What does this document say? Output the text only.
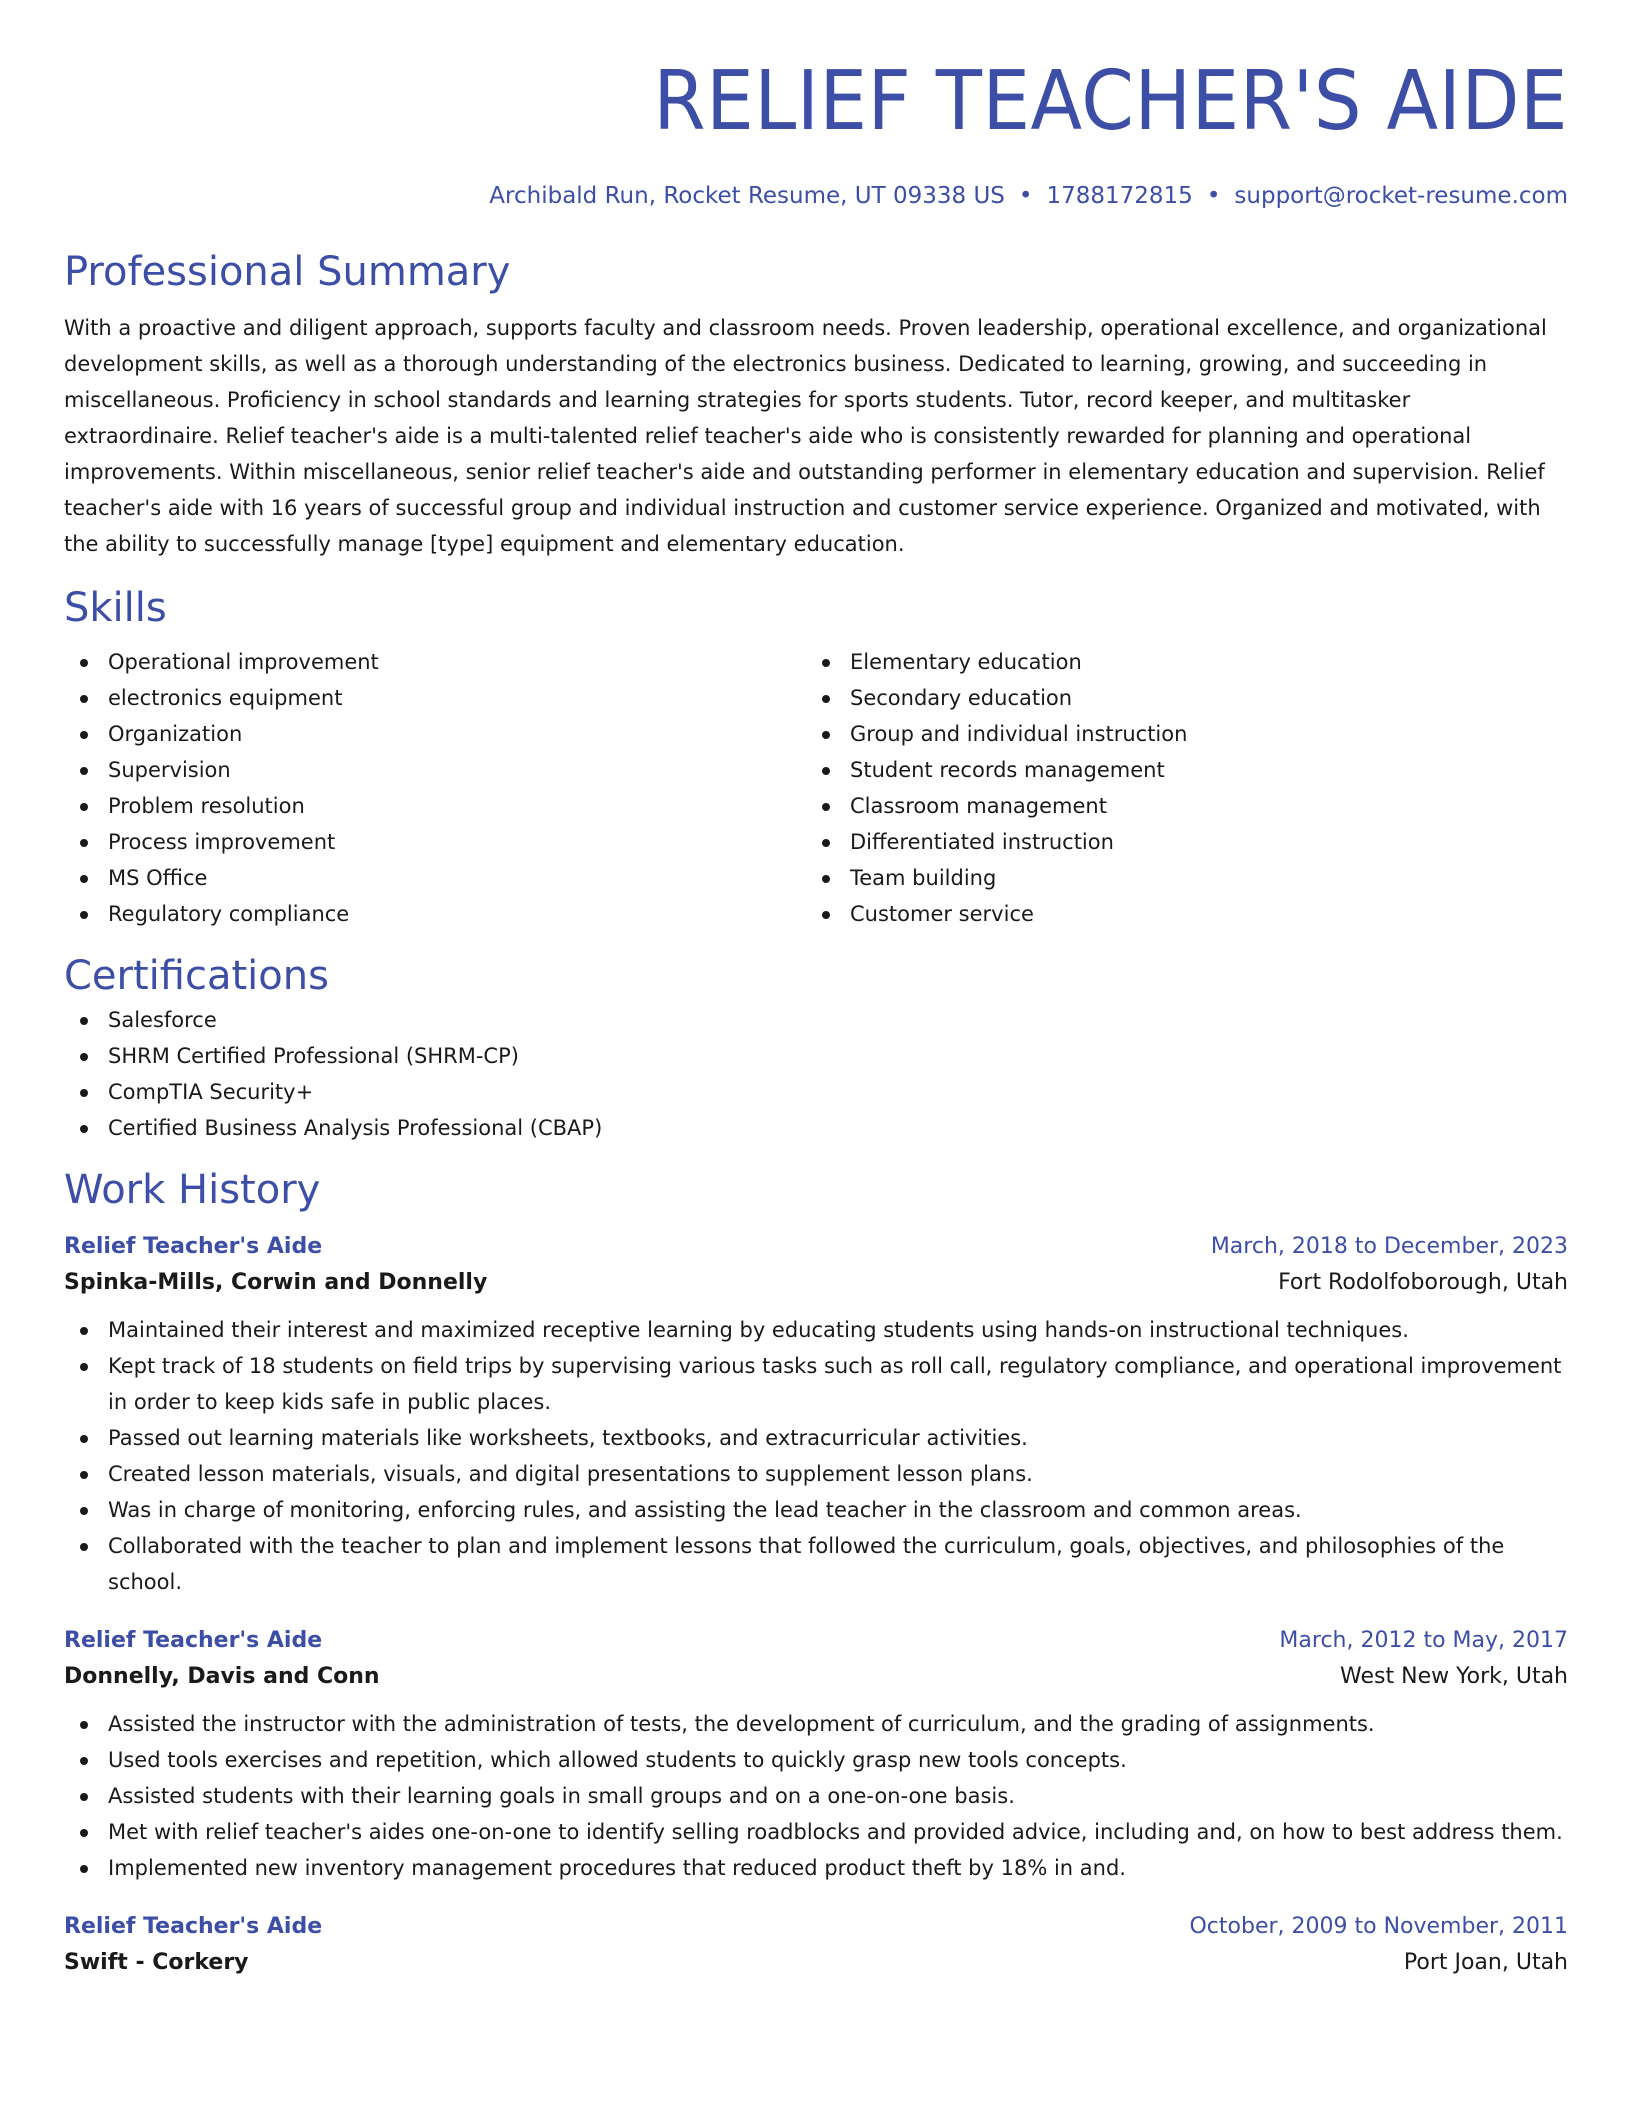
RELIEF TEACHER'S AIDE
Archibald Run, Rocket Resume, UT 09338 US • 1788172815 • support@rocket-resume.com
Professional Summary
With a proactive and diligent approach, supports faculty and classroom needs. Proven leadership, operational excellence, and organizational development skills, as well as a thorough understanding of the electronics business. Dedicated to learning, growing, and succeeding in miscellaneous. Proficiency in school standards and learning strategies for sports students. Tutor, record keeper, and multitasker extraordinaire. Relief teacher's aide is a multi-talented relief teacher's aide who is consistently rewarded for planning and operational improvements. Within miscellaneous, senior relief teacher's aide and outstanding performer in elementary education and supervision. Relief teacher's aide with 16 years of successful group and individual instruction and customer service experience. Organized and motivated, with the ability to successfully manage [type] equipment and elementary education.
Skills
Operational improvement
electronics equipment
Organization
Supervision
Problem resolution
Process improvement
MS Office
Regulatory compliance
Elementary education
Secondary education
Group and individual instruction
Student records management
Classroom management
Differentiated instruction
Team building
Customer service
Certifications
Salesforce
SHRM Certified Professional (SHRM-CP)
CompTIA Security+
Certified Business Analysis Professional (CBAP)
Work History
Relief Teacher's Aide	March, 2018 to December, 2023
Spinka-Mills, Corwin and Donnelly	Fort Rodolfoborough, Utah
Maintained their interest and maximized receptive learning by educating students using hands-on instructional techniques.
Kept track of 18 students on field trips by supervising various tasks such as roll call, regulatory compliance, and operational improvement in order to keep kids safe in public places.
Passed out learning materials like worksheets, textbooks, and extracurricular activities.
Created lesson materials, visuals, and digital presentations to supplement lesson plans.
Was in charge of monitoring, enforcing rules, and assisting the lead teacher in the classroom and common areas.
Collaborated with the teacher to plan and implement lessons that followed the curriculum, goals, objectives, and philosophies of the school.
Relief Teacher's Aide	March, 2012 to May, 2017
Donnelly, Davis and Conn	West New York, Utah
Assisted the instructor with the administration of tests, the development of curriculum, and the grading of assignments.
Used tools exercises and repetition, which allowed students to quickly grasp new tools concepts.
Assisted students with their learning goals in small groups and on a one-on-one basis.
Met with relief teacher's aides one-on-one to identify selling roadblocks and provided advice, including and, on how to best address them.
Implemented new inventory management procedures that reduced product theft by 18% in and.
Relief Teacher's Aide	October, 2009 to November, 2011
Swift - Corkery	Port Joan, Utah
